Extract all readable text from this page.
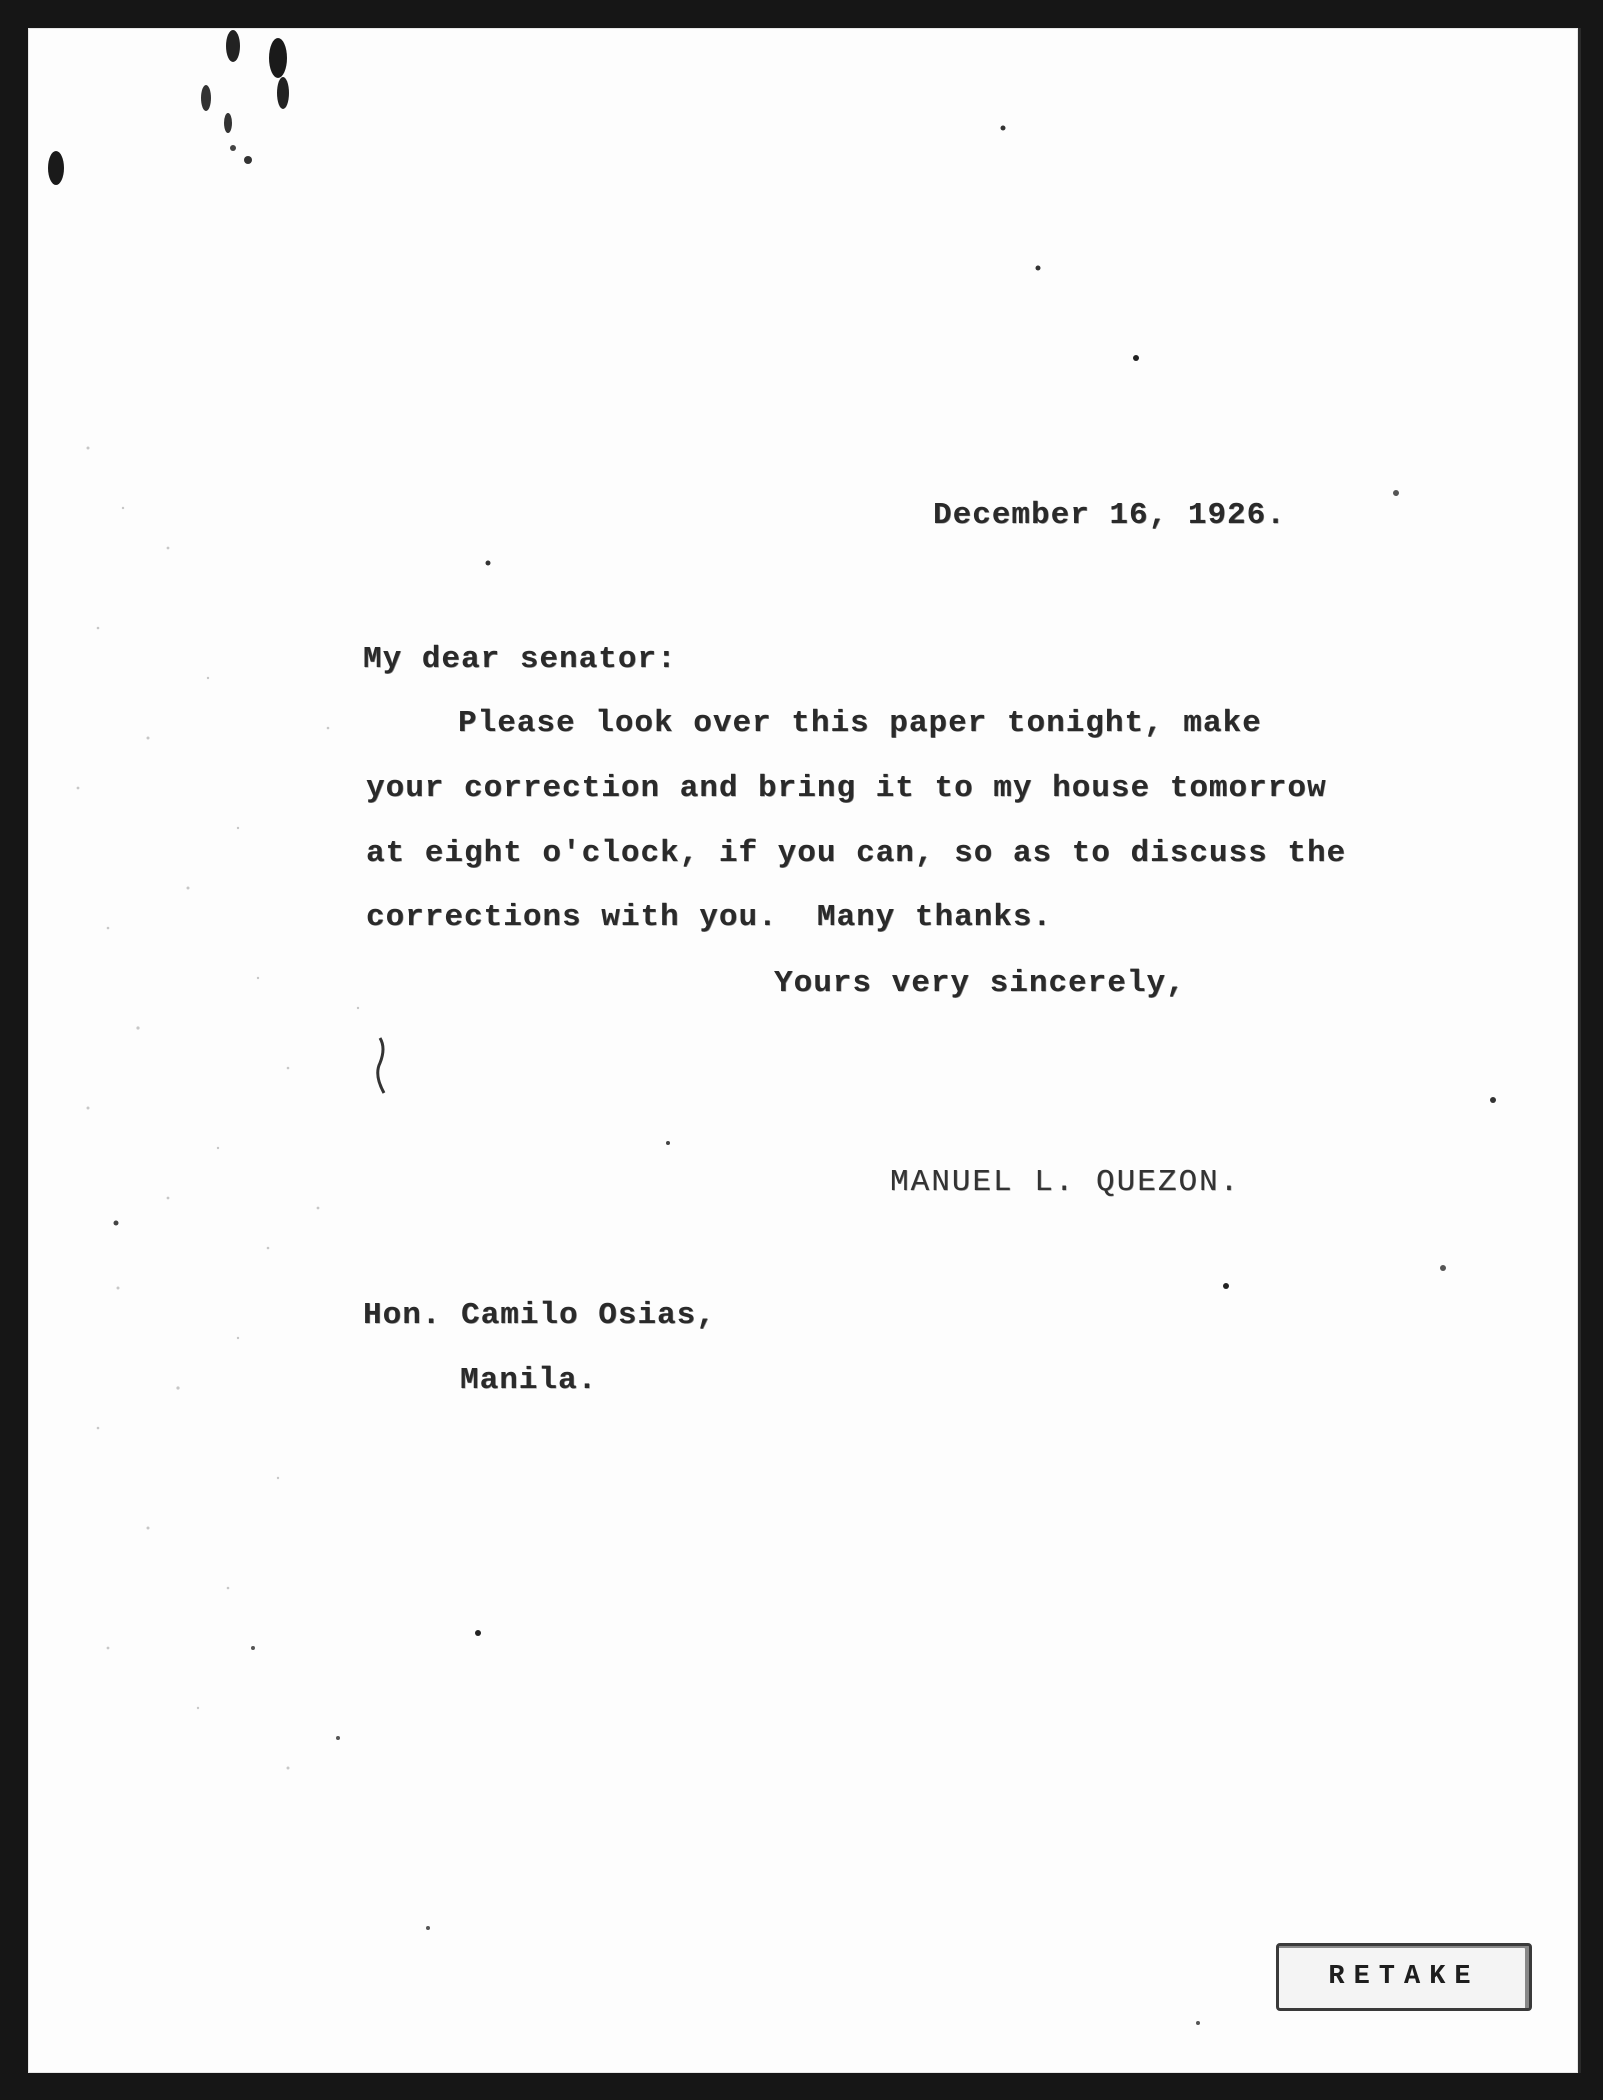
December 16, 1926.

My dear senator:

Please look over this paper tonight, make

your correction and bring it to my house tomorrow

at eight o'clock, if you can, so as to discuss the

corrections with you.  Many thanks.

Yours very sincerely,

MANUEL L. QUEZON.

Hon. Camilo Osias,

Manila.

RETAKE
